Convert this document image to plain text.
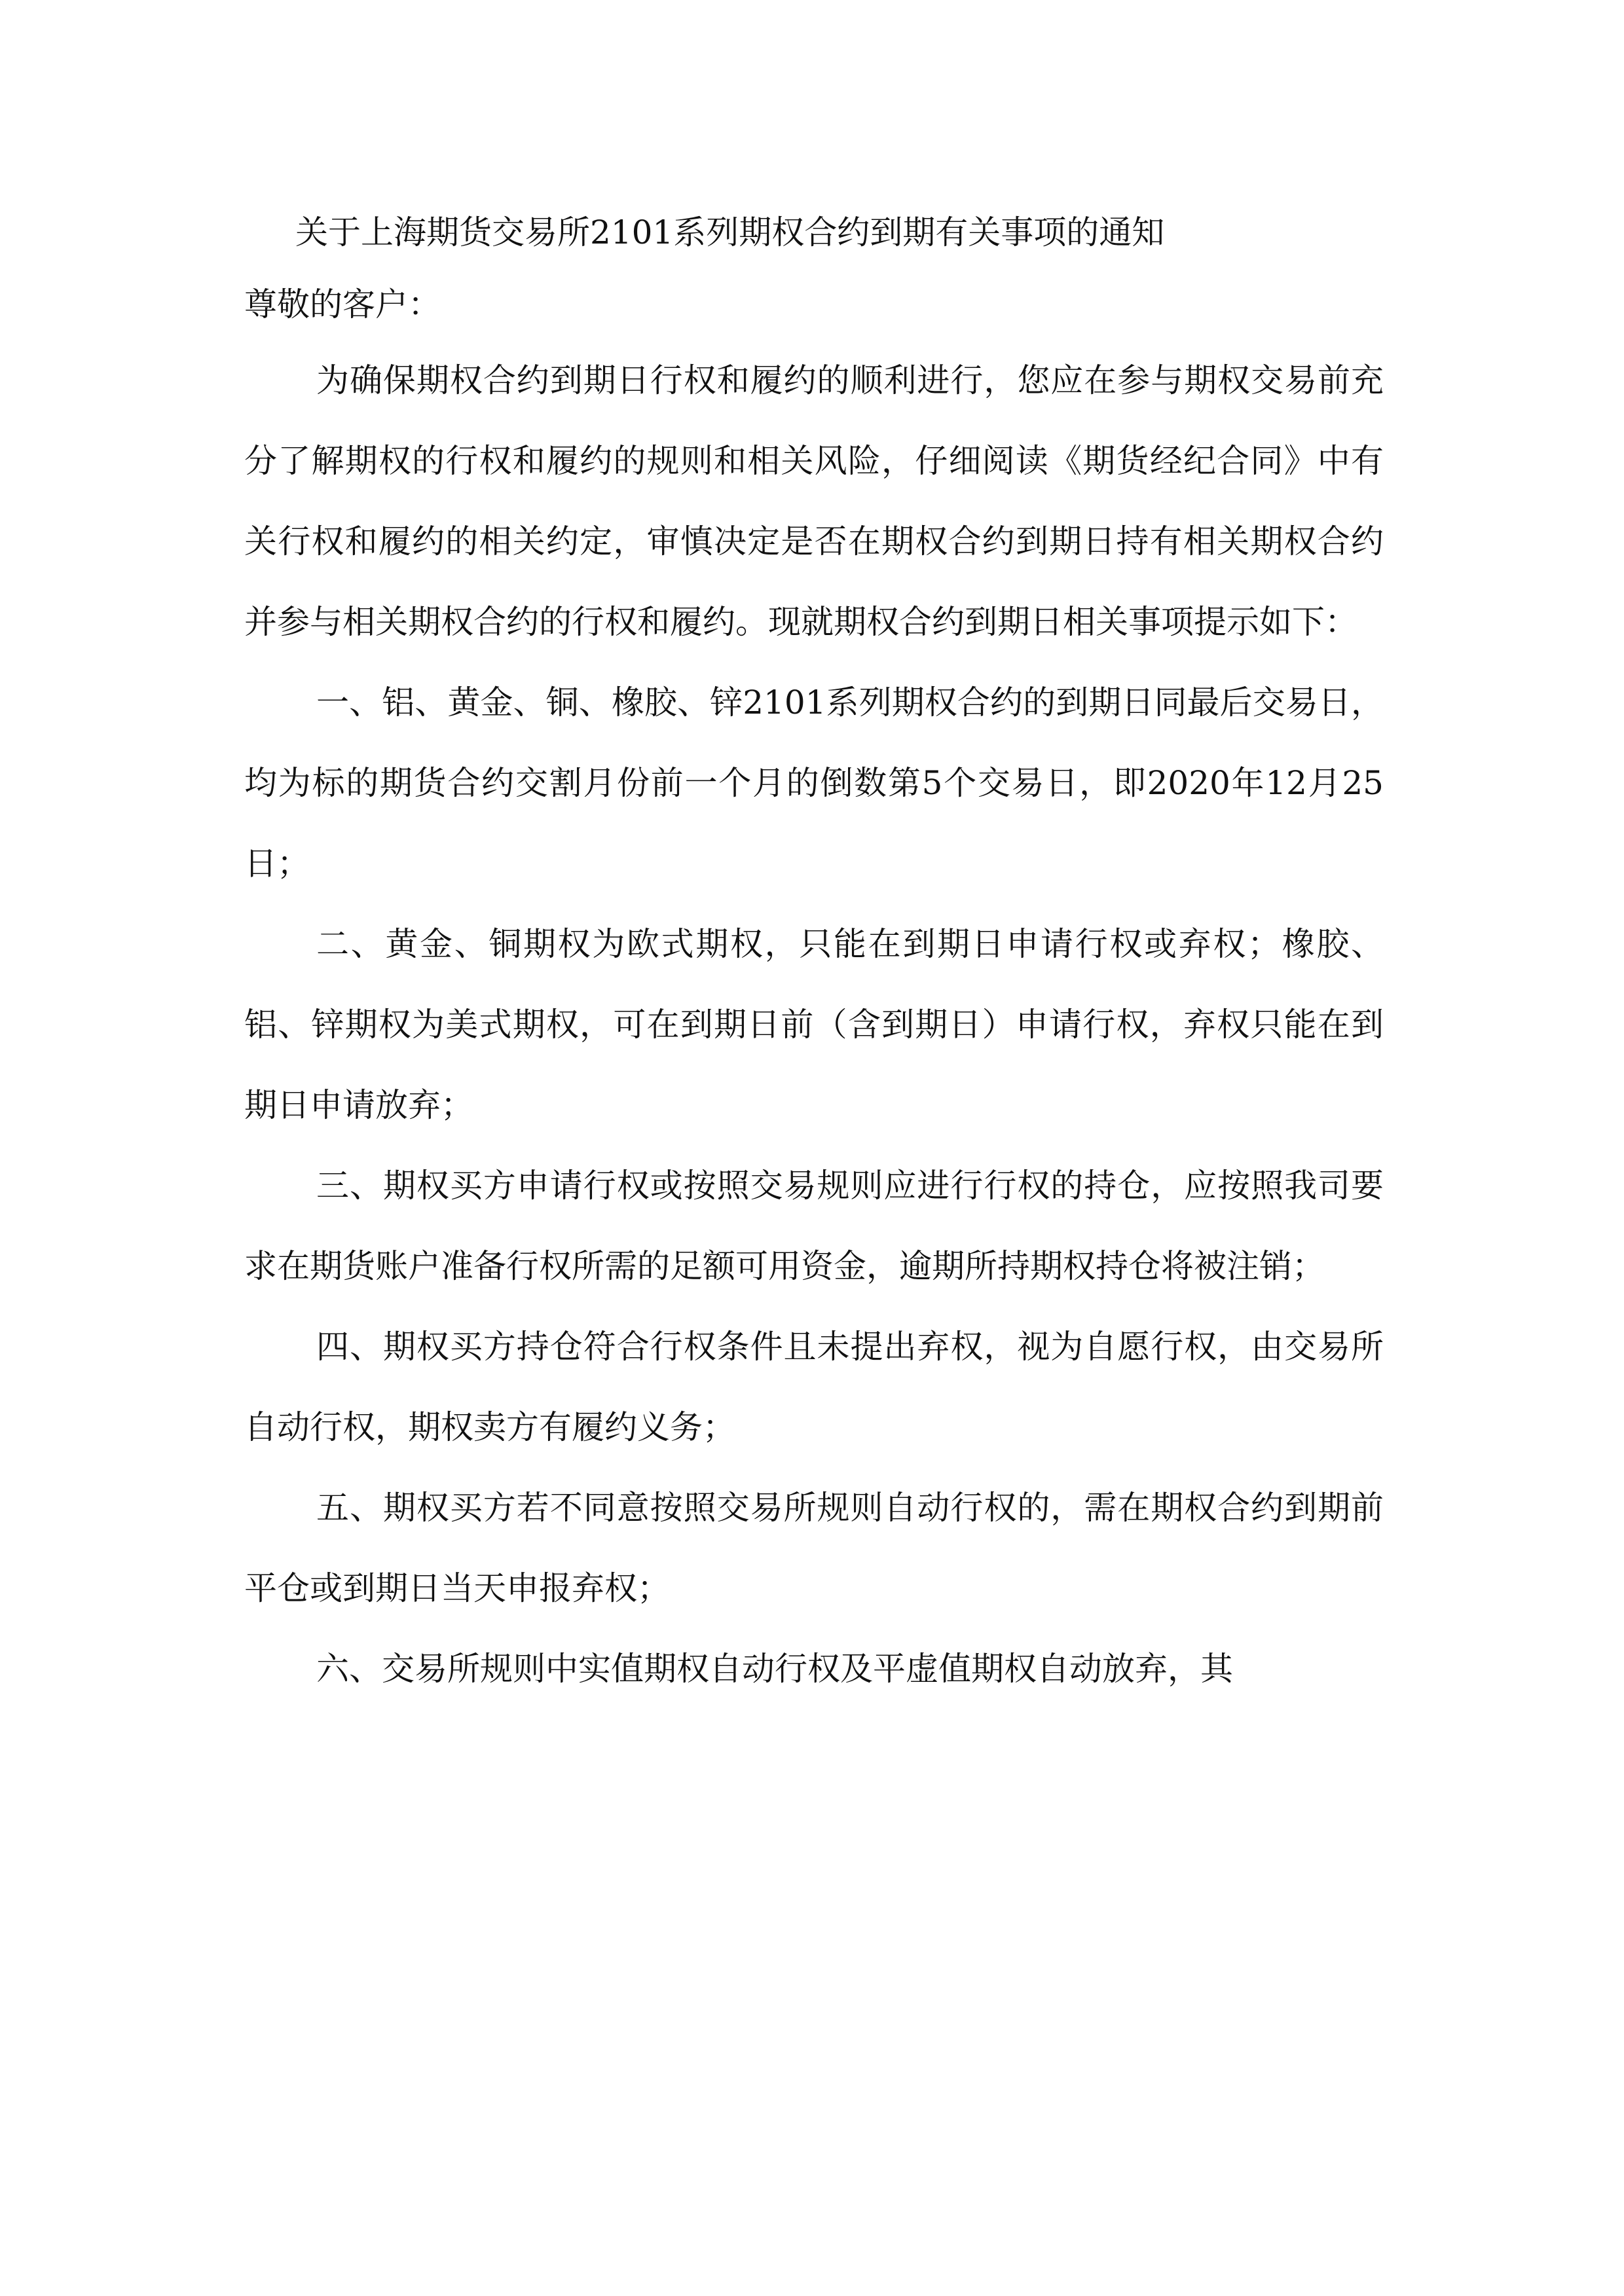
关于上海期货交易所2101系列期权合约到期有关事项的通知

尊敬的客户：

为确保期权合约到期日行权和履约的顺利进行，您应在参与期权交易前充分了解期权的行权和履约的规则和相关风险，仔细阅读《期货经纪合同》中有关行权和履约的相关约定，审慎决定是否在期权合约到期日持有相关期权合约并参与相关期权合约的行权和履约。现就期权合约到期日相关事项提示如下：

一、铝、黄金、铜、橡胶、锌2101系列期权合约的到期日同最后交易日，均为标的期货合约交割月份前一个月的倒数第5个交易日，即2020年12月25日；

二、黄金、铜期权为欧式期权，只能在到期日申请行权或弃权；橡胶、铝、锌期权为美式期权，可在到期日前（含到期日）申请行权，弃权只能在到期日申请放弃；

三、期权买方申请行权或按照交易规则应进行行权的持仓，应按照我司要求在期货账户准备行权所需的足额可用资金，逾期所持期权持仓将被注销；

四、期权买方持仓符合行权条件且未提出弃权，视为自愿行权，由交易所自动行权，期权卖方有履约义务；

五、期权买方若不同意按照交易所规则自动行权的，需在期权合约到期前平仓或到期日当天申报弃权；

六、交易所规则中实值期权自动行权及平虚值期权自动放弃，其
